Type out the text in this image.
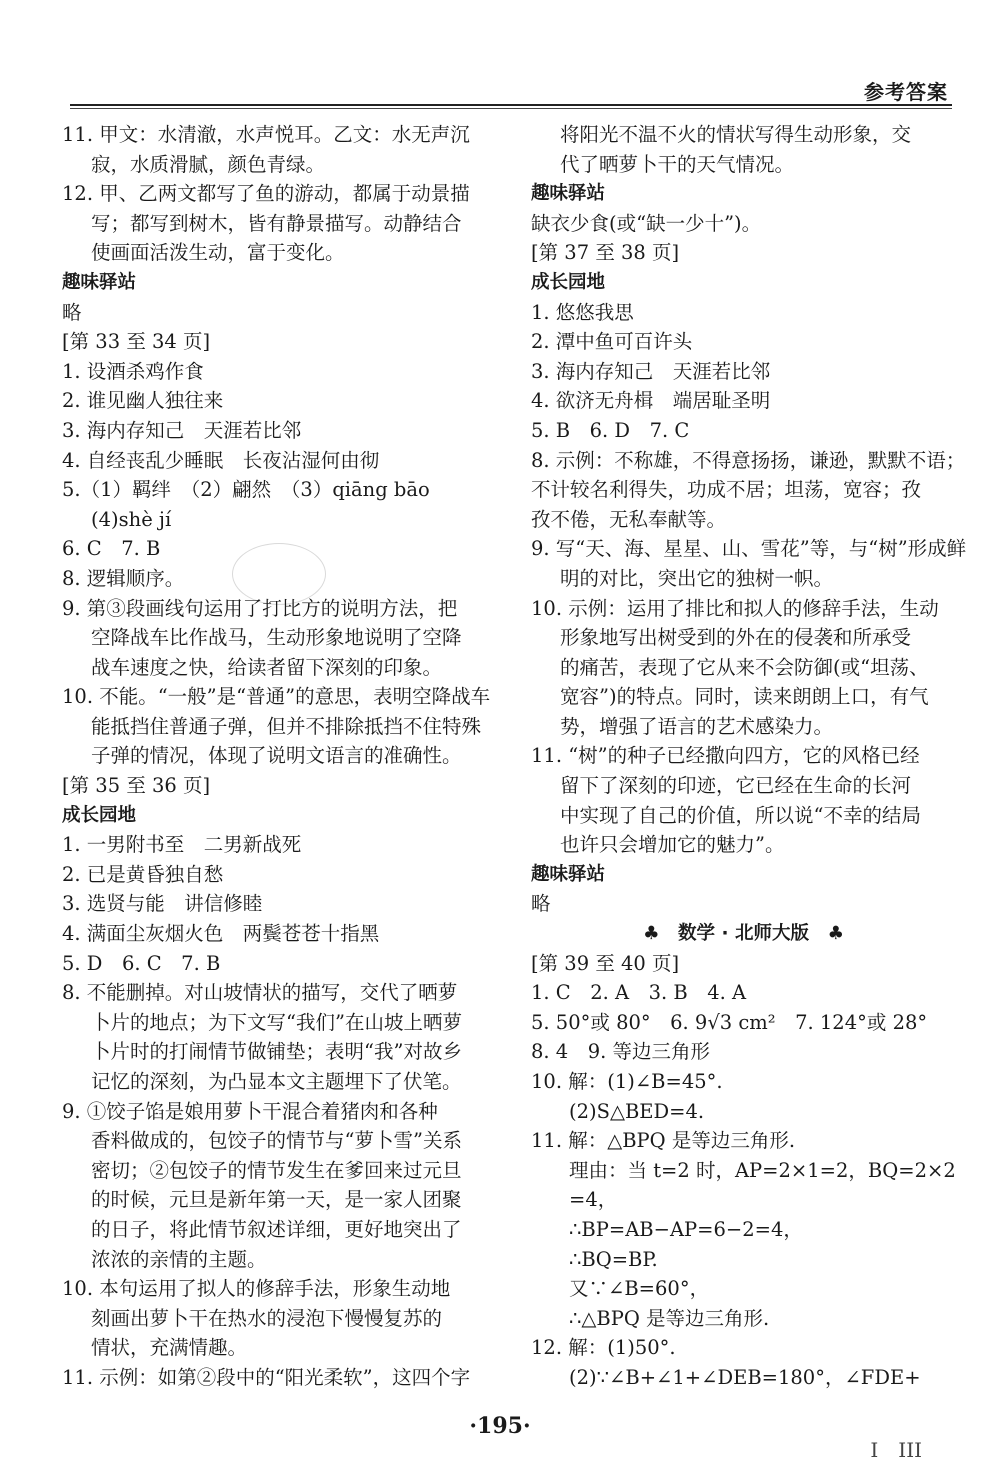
参考答案
11. 甲文：水清澈，水声悦耳。乙文：水无声沉
寂，水质滑腻，颜色青绿。
12. 甲、乙两文都写了鱼的游动，都属于动景描
写；都写到树木，皆有静景描写。动静结合
使画面活泼生动，富于变化。
趣味驿站
略
[第 33 至 34 页]
1. 设酒杀鸡作食
2. 谁见幽人独往来
3. 海内存知己　天涯若比邻
4. 自经丧乱少睡眠　长夜沾湿何由彻
5.（1）羁绊　（2）翩然　（3）qiāng bāo
(4)shè jí
6. C　7. B
8. 逻辑顺序。
9. 第③段画线句运用了打比方的说明方法，把
空降战车比作战马，生动形象地说明了空降
战车速度之快，给读者留下深刻的印象。
10. 不能。“一般”是“普通”的意思，表明空降战车
能抵挡住普通子弹，但并不排除抵挡不住特殊
子弹的情况，体现了说明文语言的准确性。
[第 35 至 36 页]
成长园地
1. 一男附书至　二男新战死
2. 已是黄昏独自愁
3. 选贤与能　讲信修睦
4. 满面尘灰烟火色　两鬓苍苍十指黑
5. D　6. C　7. B
8. 不能删掉。对山坡情状的描写，交代了晒萝
卜片的地点；为下文写“我们”在山坡上晒萝
卜片时的打闹情节做铺垫；表明“我”对故乡
记忆的深刻，为凸显本文主题埋下了伏笔。
9. ①饺子馅是娘用萝卜干混合着猪肉和各种
香料做成的，包饺子的情节与“萝卜雪”关系
密切；②包饺子的情节发生在爹回来过元旦
的时候，元旦是新年第一天，是一家人团聚
的日子，将此情节叙述详细，更好地突出了
浓浓的亲情的主题。
10. 本句运用了拟人的修辞手法，形象生动地
刻画出萝卜干在热水的浸泡下慢慢复苏的
情状，充满情趣。
11. 示例：如第②段中的“阳光柔软”，这四个字
将阳光不温不火的情状写得生动形象，交
代了晒萝卜干的天气情况。
趣味驿站
缺衣少食(或“缺一少十”)。
[第 37 至 38 页]
成长园地
1. 悠悠我思
2. 潭中鱼可百许头
3. 海内存知己　天涯若比邻
4. 欲济无舟楫　端居耻圣明
5. B　6. D　7. C
8. 示例：不称雄，不得意扬扬，谦逊，默默不语；
不计较名利得失，功成不居；坦荡，宽容；孜
孜不倦，无私奉献等。
9. 写“天、海、星星、山、雪花”等，与“树”形成鲜
明的对比，突出它的独树一帜。
10. 示例：运用了排比和拟人的修辞手法，生动
形象地写出树受到的外在的侵袭和所承受
的痛苦，表现了它从来不会防御(或“坦荡、
宽容”)的特点。同时，读来朗朗上口，有气
势，增强了语言的艺术感染力。
11. “树”的种子已经撒向四方，它的风格已经
留下了深刻的印迹，它已经在生命的长河
中实现了自己的价值，所以说“不幸的结局
也许只会增加它的魅力”。
趣味驿站
略
♣　数学 · 北师大版　♣
[第 39 至 40 页]
1. C　2. A　3. B　4. A
5. 50°或 80°　6. 9√3 cm²　7. 124°或 28°
8. 4　9. 等边三角形
10. 解：(1)∠B=45°.
(2)S△BED=4.
11. 解：△BPQ 是等边三角形.
理由：当 t=2 时，AP=2×1=2，BQ=2×2
=4，
∴BP=AB−AP=6−2=4，
∴BQ=BP.
又∵∠B=60°，
∴△BPQ 是等边三角形.
12. 解：(1)50°.
(2)∵∠B+∠1+∠DEB=180°，∠FDE+
·195·
I　III
